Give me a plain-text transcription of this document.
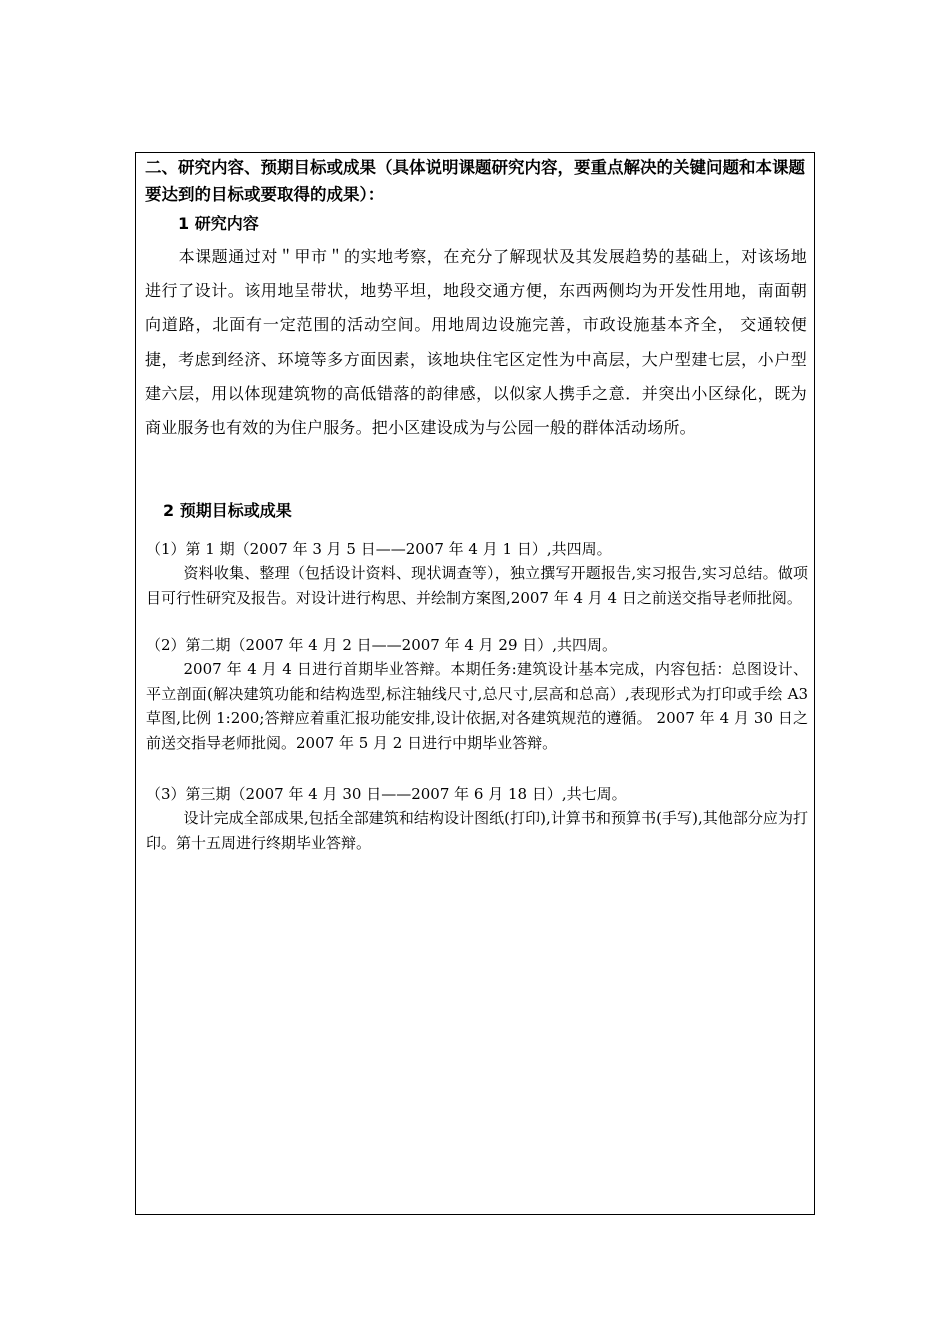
二、研究内容、预期目标或成果（具体说明课题研究内容，要重点解决的关键问题和本课题要达到的目标或要取得的成果）：

1 研究内容

本课题通过对＂甲市＂的实地考察，在充分了解现状及其发展趋势的基础上，对该场地进行了设计。该用地呈带状，地势平坦，地段交通方便，东西两侧均为开发性用地，南面朝向道路，北面有一定范围的活动空间。用地周边设施完善，市政设施基本齐全， 交通较便捷，考虑到经济、环境等多方面因素，该地块住宅区定性为中高层，大户型建七层，小户型建六层，用以体现建筑物的高低错落的韵律感，以似家人携手之意．并突出小区绿化，既为商业服务也有效的为住户服务。把小区建设成为与公园一般的群体活动场所。

2 预期目标或成果

（1）第 1 期（2007 年 3 月 5 日——2007 年 4 月 1 日）,共四周。

资料收集、整理（包括设计资料、现状调查等），独立撰写开题报告,实习报告,实习总结。做项目可行性研究及报告。对设计进行构思、并绘制方案图,2007 年 4 月 4 日之前送交指导老师批阅。

（2）第二期（2007 年 4 月 2 日——2007 年 4 月 29 日）,共四周。

2007 年 4 月 4 日进行首期毕业答辩。本期任务:建筑设计基本完成，内容包括：总图设计、平立剖面(解决建筑功能和结构选型,标注轴线尺寸,总尺寸,层高和总高）,表现形式为打印或手绘 A3 草图,比例 1:200;答辩应着重汇报功能安排,设计依据,对各建筑规范的遵循。 2007 年 4 月 30 日之前送交指导老师批阅。2007 年 5 月 2 日进行中期毕业答辩。

（3）第三期（2007 年 4 月 30 日——2007 年 6 月 18 日）,共七周。

设计完成全部成果,包括全部建筑和结构设计图纸(打印),计算书和预算书(手写),其他部分应为打印。第十五周进行终期毕业答辩。
